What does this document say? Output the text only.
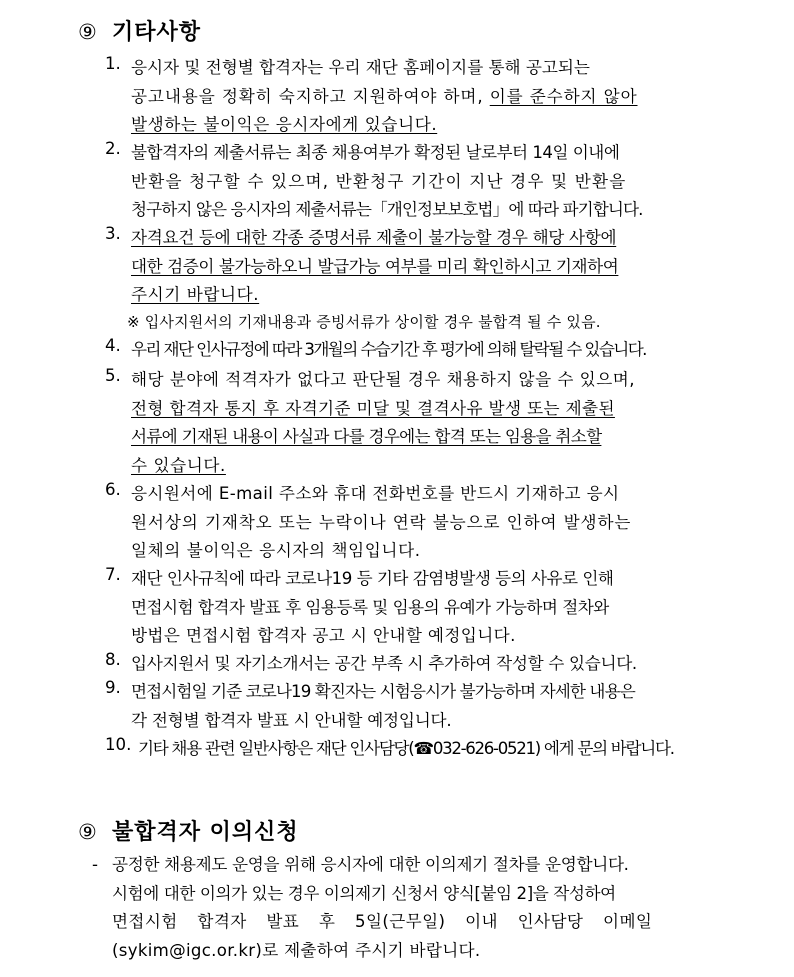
⑨ 기타사항
1. 응시자 및 전형별 합격자는 우리 재단 홈페이지를 통해 공고되는
공고내용을 정확히 숙지하고 지원하여야 하며, 이를 준수하지 않아
발생하는 불이익은 응시자에게 있습니다.
2. 불합격자의 제출서류는 최종 채용여부가 확정된 날로부터 14일 이내에
반환을 청구할 수 있으며, 반환청구 기간이 지난 경우 및 반환을
청구하지 않은 응시자의 제출서류는「개인정보보호법」에 따라 파기합니다.
3. 자격요건 등에 대한 각종 증명서류 제출이 불가능할 경우 해당 사항에
대한 검증이 불가능하오니 발급가능 여부를 미리 확인하시고 기재하여
주시기 바랍니다.
※ 입사지원서의 기재내용과 증빙서류가 상이할 경우 불합격 될 수 있음.
4. 우리 재단 인사규정에 따라 3개월의 수습기간 후 평가에 의해 탈락될 수 있습니다.
5. 해당 분야에 적격자가 없다고 판단될 경우 채용하지 않을 수 있으며,
전형 합격자 통지 후 자격기준 미달 및 결격사유 발생 또는 제출된
서류에 기재된 내용이 사실과 다를 경우에는 합격 또는 임용을 취소할
수 있습니다.
6. 응시원서에 E-mail 주소와 휴대 전화번호를 반드시 기재하고 응시
원서상의 기재착오 또는 누락이나 연락 불능으로 인하여 발생하는
일체의 불이익은 응시자의 책임입니다.
7. 재단 인사규칙에 따라 코로나19 등 기타 감염병발생 등의 사유로 인해
면접시험 합격자 발표 후 임용등록 및 임용의 유예가 가능하며 절차와
방법은 면접시험 합격자 공고 시 안내할 예정입니다.
8. 입사지원서 및 자기소개서는 공간 부족 시 추가하여 작성할 수 있습니다.
9. 면접시험일 기준 코로나19 확진자는 시험응시가 불가능하며 자세한 내용은
각 전형별 합격자 발표 시 안내할 예정입니다.
10. 기타 채용 관련 일반사항은 재단 인사담당(☎032-626-0521) 에게 문의 바랍니다.
⑨ 불합격자 이의신청
- 공정한 채용제도 운영을 위해 응시자에 대한 이의제기 절차를 운영합니다.
시험에 대한 이의가 있는 경우 이의제기 신청서 양식[붙임 2]을 작성하여
면접시험 합격자 발표 후 5일(근무일) 이내 인사담당 이메일
(sykim@igc.or.kr)로 제출하여 주시기 바랍니다.
